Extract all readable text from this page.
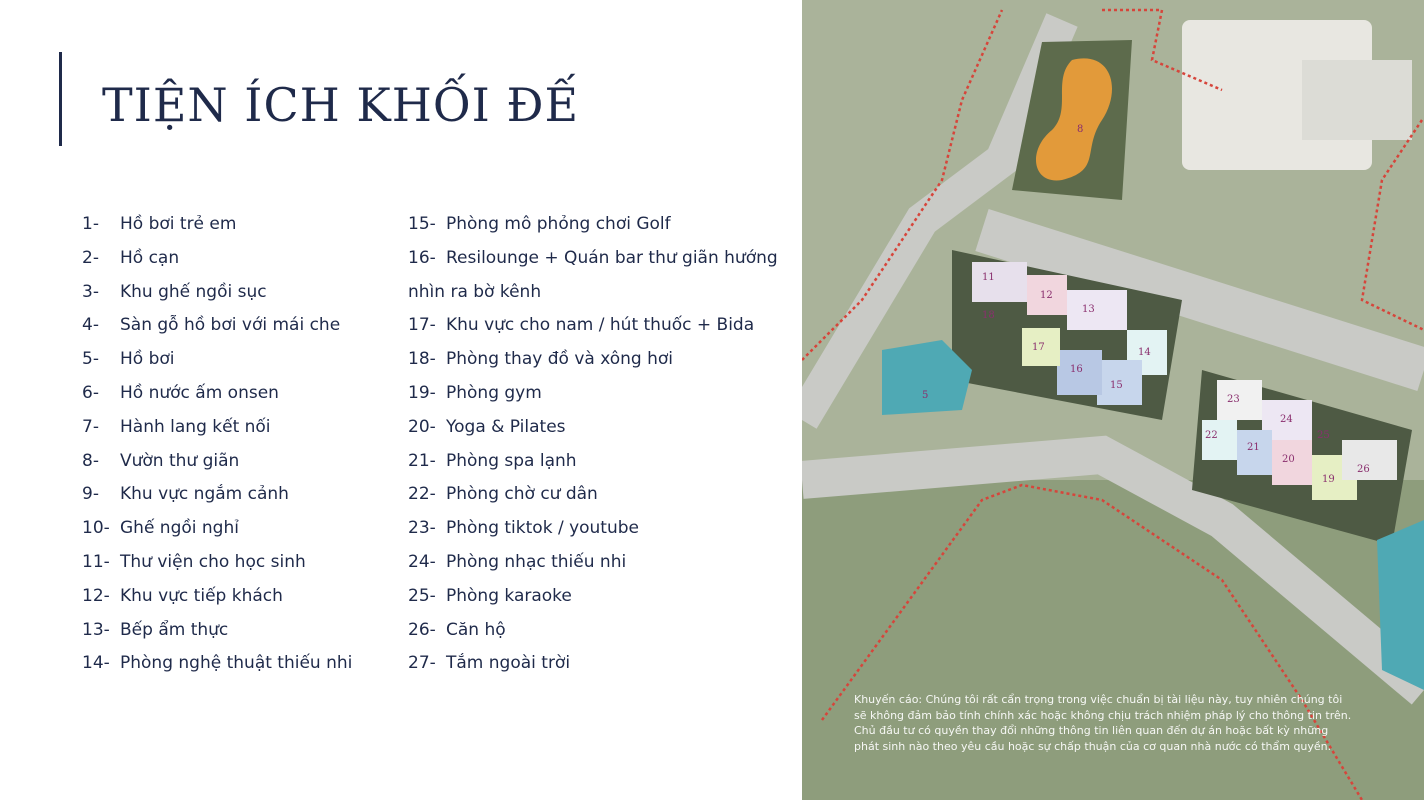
TIỆN ÍCH KHỐI ĐẾ
1- Hồ bơi trẻ em
2- Hồ cạn
3- Khu ghế ngồi sục
4- Sàn gỗ hồ bơi với mái che
5- Hồ bơi
6- Hồ nước ấm onsen
7- Hành lang kết nối
8- Vườn thư giãn
9- Khu vực ngắm cảnh
10- Ghế ngồi nghỉ
11- Thư viện cho học sinh
12- Khu vực tiếp khách
13- Bếp ẩm thực
14- Phòng nghệ thuật thiếu nhi
15- Phòng mô phỏng chơi Golf
16- Resilounge + Quán bar thư giãn hướng
nhìn ra bờ kênh
17- Khu vực cho nam / hút thuốc + Bida
18- Phòng thay đồ và xông hơi
19- Phòng gym
20- Yoga & Pilates
21- Phòng spa lạnh
22- Phòng chờ cư dân
23- Phòng tiktok / youtube
24- Phòng nhạc thiếu nhi
25- Phòng karaoke
26- Căn hộ
27- Tắm ngoài trời
11
12
13
14
15
16
17
18
19
20
21
22
23
24
25
26
8
5
Khuyến cáo: Chúng tôi rất cẩn trọng trong việc chuẩn bị tài liệu này, tuy nhiên chúng tôi sẽ không đảm bảo tính chính xác hoặc không chịu trách nhiệm pháp lý cho thông tin trên. Chủ đầu tư có quyền thay đổi những thông tin liên quan đến dự án hoặc bất kỳ những phát sinh nào theo yêu cầu hoặc sự chấp thuận của cơ quan nhà nước có thẩm quyền.
